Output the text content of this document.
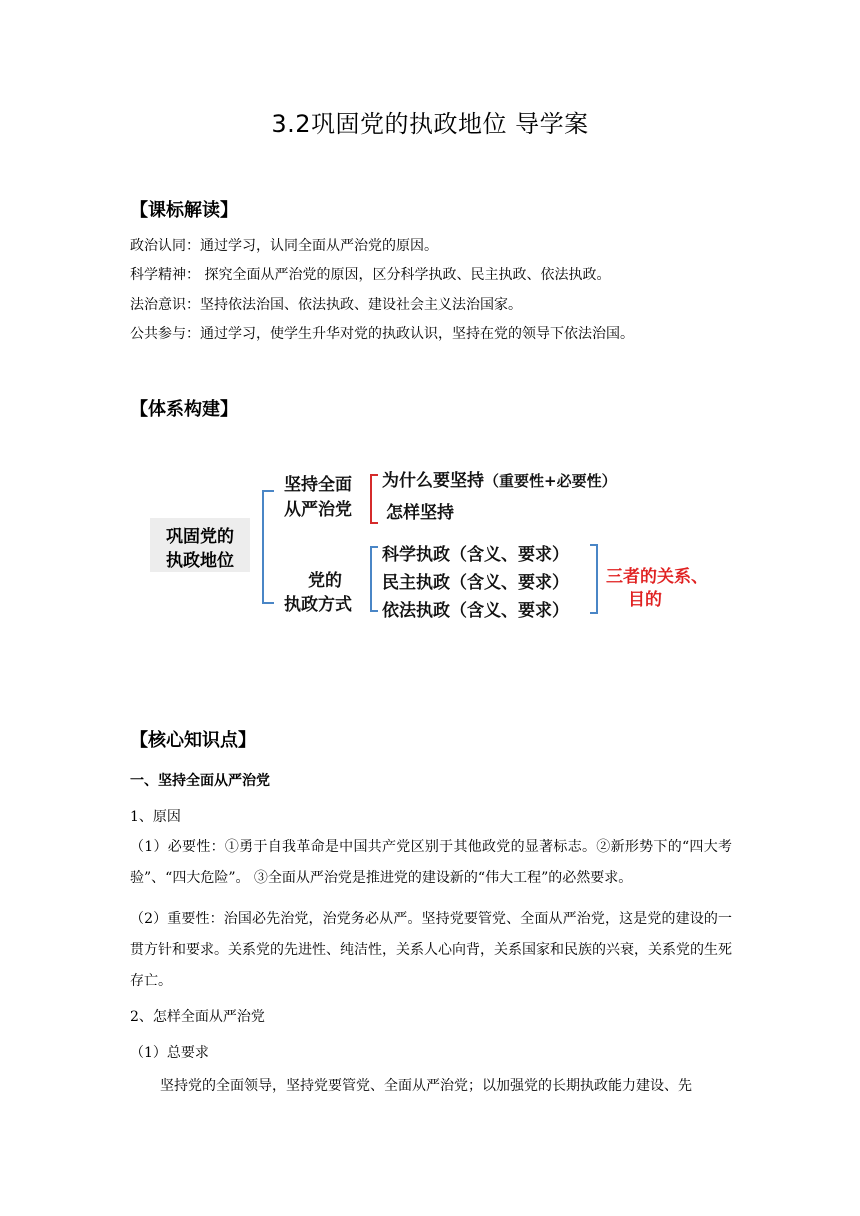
3.2巩固党的执政地位 导学案
【课标解读】
政治认同：通过学习，认同全面从严治党的原因。
科学精神： 探究全面从严治党的原因，区分科学执政、民主执政、依法执政。
法治意识：坚持依法治国、依法执政、建设社会主义法治国家。
公共参与：通过学习，使学生升华对党的执政认识，坚持在党的领导下依法治国。
【体系构建】
巩固党的
执政地位
坚持全面
从严治党
为什么要坚持（重要性+必要性）
怎样坚持
党的
执政方式
科学执政（含义、要求）
民主执政（含义、要求）
依法执政（含义、要求）
三者的关系、
目的
【核心知识点】
一、坚持全面从严治党
1、原因
（1）必要性：①勇于自我革命是中国共产党区别于其他政党的显著标志。②新形势下的“四大考验”、“四大危险”。 ③全面从严治党是推进党的建设新的“伟大工程”的必然要求。
（2）重要性：治国必先治党，治党务必从严。坚持党要管党、全面从严治党，这是党的建设的一贯方针和要求。关系党的先进性、纯洁性，关系人心向背，关系国家和民族的兴衰，关系党的生死存亡。
2、怎样全面从严治党
（1）总要求
坚持党的全面领导，坚持党要管党、全面从严治党；以加强党的长期执政能力建设、先
